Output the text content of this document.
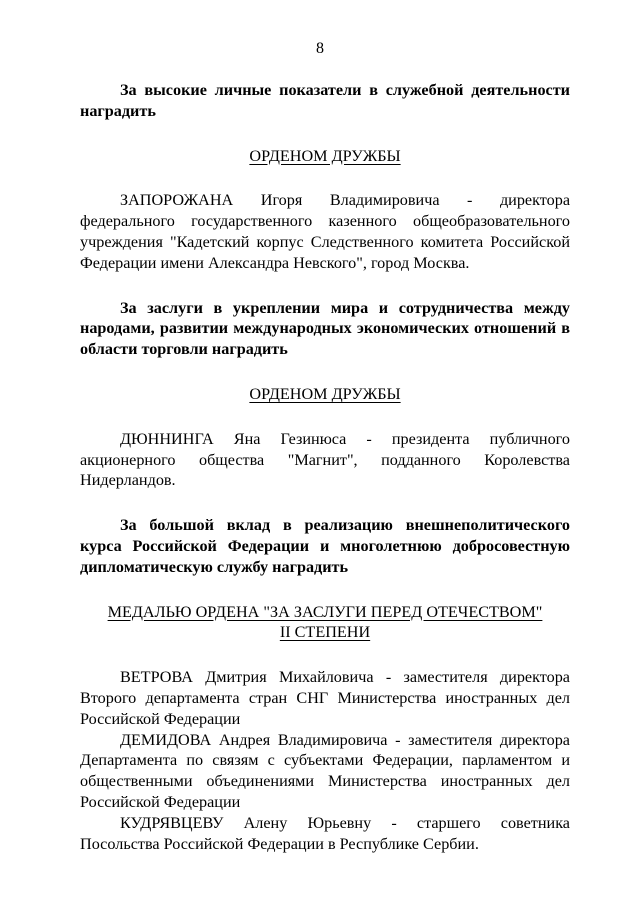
8

За высокие личные показатели в служебной деятельности наградить

ОРДЕНОМ ДРУЖБЫ

ЗАПОРОЖАНА Игоря Владимировича - директора федерального государственного казенного общеобразовательного учреждения "Кадетский корпус Следственного комитета Российской Федерации имени Александра Невского", город Москва.

За заслуги в укреплении мира и сотрудничества между народами, развитии международных экономических отношений в области торговли наградить

ОРДЕНОМ ДРУЖБЫ

ДЮННИНГА Яна Гезинюса - президента публичного акционерного общества "Магнит", подданного Королевства Нидерландов.

За большой вклад в реализацию внешнеполитического курса Российской Федерации и многолетнюю добросовестную дипломатическую службу наградить

МЕДАЛЬЮ ОРДЕНА "ЗА ЗАСЛУГИ ПЕРЕД ОТЕЧЕСТВОМ"

II СТЕПЕНИ

ВЕТРОВА Дмитрия Михайловича - заместителя директора Второго департамента стран СНГ Министерства иностранных дел Российской Федерации

ДЕМИДОВА Андрея Владимировича - заместителя директора Департамента по связям с субъектами Федерации, парламентом и общественными объединениями Министерства иностранных дел Российской Федерации

КУДРЯВЦЕВУ Алену Юрьевну - старшего советника Посольства Российской Федерации в Республике Сербии.
